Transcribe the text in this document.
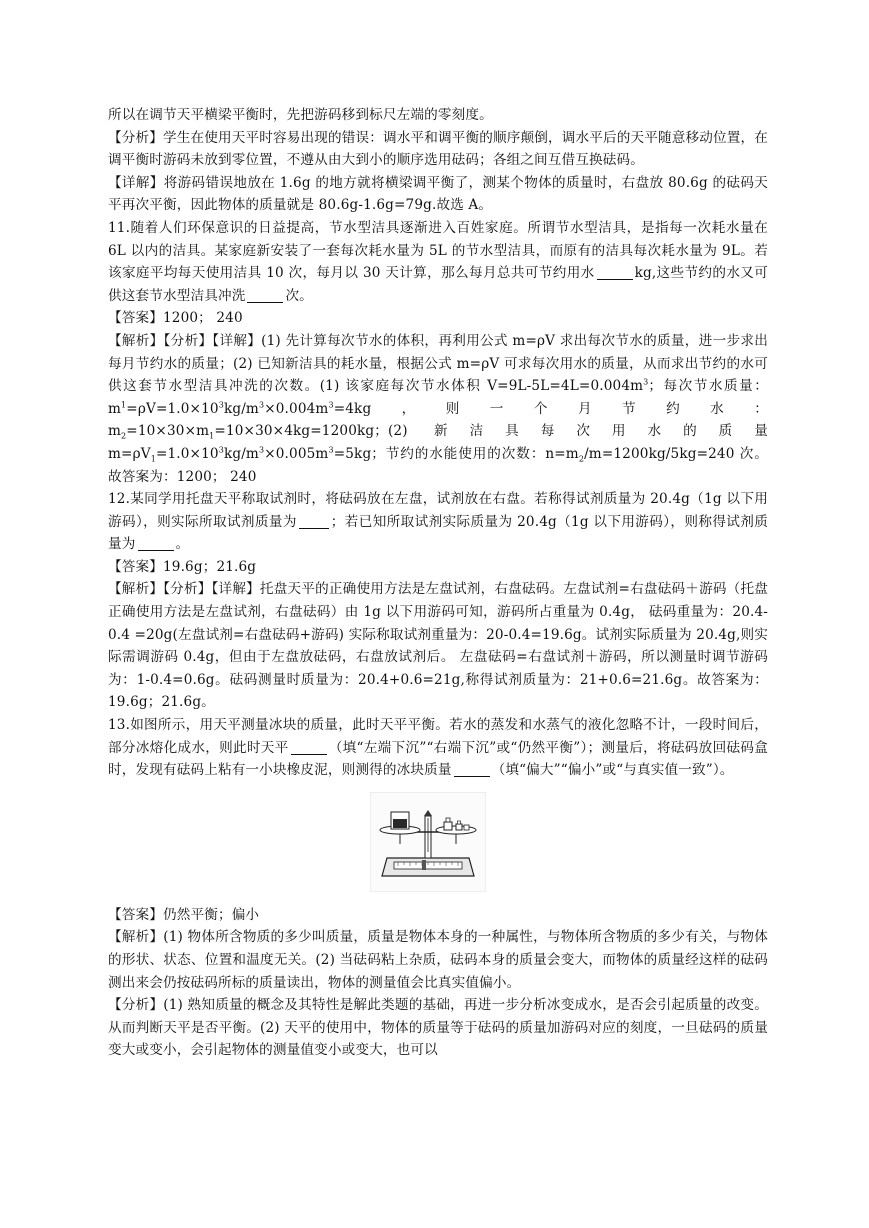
所以在调节天平横梁平衡时，先把游码移到标尺左端的零刻度。

【分析】学生在使用天平时容易出现的错误：调水平和调平衡的顺序颠倒，调水平后的天平随意移动位置，在调平衡时游码未放到零位置，不遵从由大到小的顺序选用砝码；各组之间互借互换砝码。

【详解】将游码错误地放在 1.6g 的地方就将横梁调平衡了，测某个物体的质量时，右盘放 80.6g 的砝码天平再次平衡，因此物体的质量就是 80.6g-1.6g=79g.故选 A。

11.随着人们环保意识的日益提高，节水型洁具逐渐进入百姓家庭。所谓节水型洁具，是指每一次耗水量在 6L 以内的洁具。某家庭新安装了一套每次耗水量为 5L 的节水型洁具，而原有的洁具每次耗水量为 9L。若该家庭平均每天使用洁具 10 次，每月以 30 天计算，那么每月总共可节约用水	kg,这些节约的水又可供这套节水型洁具冲洗	次。

【答案】1200； 240

【解析】【分析】【详解】(1) 先计算每次节水的体积，再利用公式 m=ρV 求出每次节水的质量，进一步求出每月节约水的质量；(2) 已知新洁具的耗水量，根据公式 m=ρV 可求每次用水的质量，从而求出节约的水可供这套节水型洁具冲洗的次数。(1) 该家庭每次节水体积 $V=9L-5L=4L=0.004m^3$；每次节水质量：$m^1=\rho V=1.0\times 10^3kg/m^3\times 0.004m^3=4kg$，则一个月节约水：$m_2=10\times 30\times m_1=10\times 30\times 4kg=1200kg$；(2) 新洁具每次用水的质量 $m=\rho V_1=1.0\times 10^3kg/m^3\times 0.005m^3=5kg$；节约的水能使用的次数：$n=m_2/m=1200kg/5kg=240$ 次。故答案为：1200； 240

12.某同学用托盘天平称取试剂时，将砝码放在左盘，试剂放在右盘。若称得试剂质量为 20.4g（1g 以下用游码），则实际所取试剂质量为	；若已知所取试剂实际质量为 20.4g（1g 以下用游码），则称得试剂质量为	。

【答案】19.6g；21.6g

【解析】【分析】【详解】托盘天平的正确使用方法是左盘试剂，右盘砝码。左盘试剂=右盘砝码＋游码（托盘正确使用方法是左盘试剂，右盘砝码）由 1g 以下用游码可知，游码所占重量为 0.4g， 砝码重量为：20.4-0.4 =20g(左盘试剂=右盘砝码+游码) 实际称取试剂重量为：20-0.4=19.6g。试剂实际质量为 20.4g,则实际需调游码 0.4g，但由于左盘放砝码，右盘放试剂后。 左盘砝码=右盘试剂＋游码，所以测量时调节游码为：1-0.4=0.6g。砝码测量时质量为：20.4+0.6=21g,称得试剂质量为：21+0.6=21.6g。故答案为：19.6g；21.6g。

13.如图所示，用天平测量冰块的质量，此时天平平衡。若水的蒸发和水蒸气的液化忽略不计，一段时间后，部分冰熔化成水，则此时天平	（填“左端下沉”“右端下沉”或“仍然平衡”）；测量后，将砝码放回砝码盒时，发现有砝码上粘有一小块橡皮泥，则测得的冰块质量	（填“偏大”“偏小”或“与真实值一致”）。

【答案】仍然平衡；偏小

【解析】(1) 物体所含物质的多少叫质量，质量是物体本身的一种属性，与物体所含物质的多少有关，与物体的形状、状态、位置和温度无关。(2) 当砝码粘上杂质，砝码本身的质量会变大，而物体的质量经这样的砝码测出来会仍按砝码所标的质量读出，物体的测量值会比真实值偏小。

【分析】(1) 熟知质量的概念及其特性是解此类题的基础，再进一步分析冰变成水，是否会引起质量的改变。从而判断天平是否平衡。(2) 天平的使用中，物体的质量等于砝码的质量加游码对应的刻度，一旦砝码的质量变大或变小，会引起物体的测量值变小或变大，也可以
